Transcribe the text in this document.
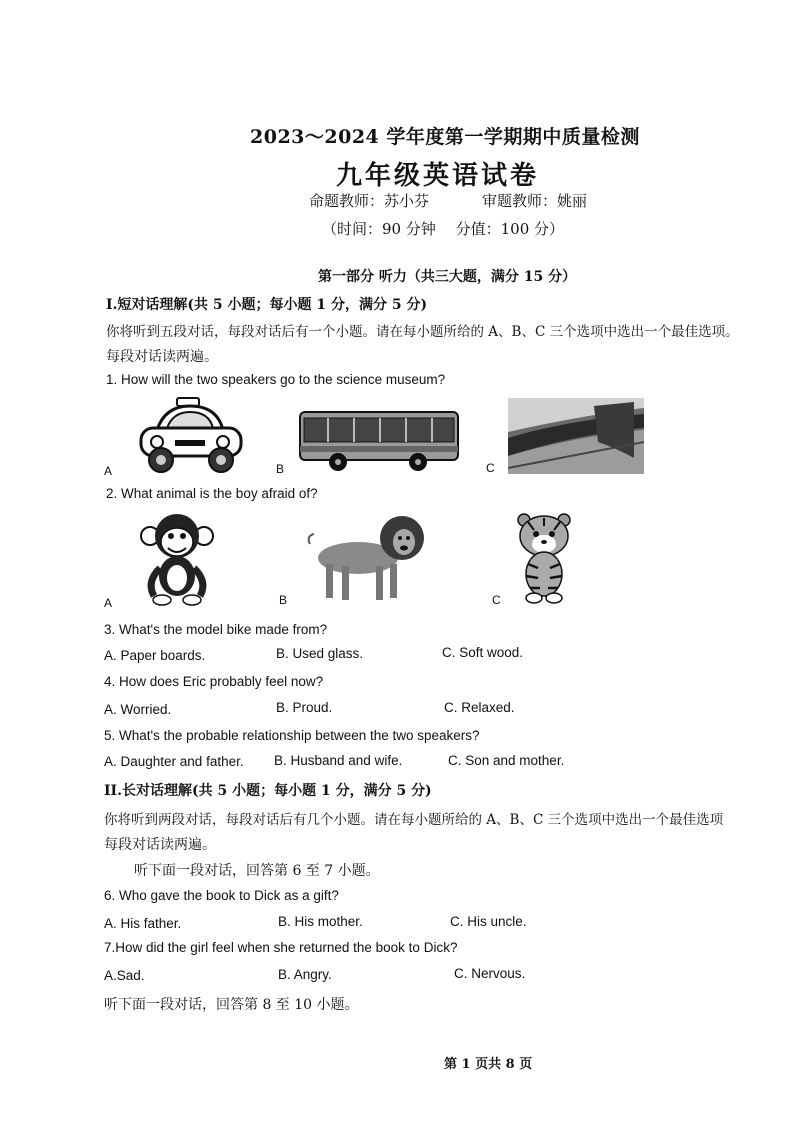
2023～2024 学年度第一学期期中质量检测
九年级英语试卷
命题教师：苏小芬	审题教师：姚丽
（时间：90 分钟　 分值：100 分）
第一部分 听力（共三大题，满分 15 分）
I.短对话理解(共 5 小题；每小题 1 分，满分 5 分)
你将听到五段对话，每段对话后有一个小题。请在每小题所给的 A、B、C 三个选项中选出一个最佳选项。
每段对话读两遍。
1. How will the two speakers go to the science museum?
A	B	C
2. What animal is the boy afraid of?
A	B	C
3. What's the model bike made from?
A. Paper boards.	B. Used glass.	C. Soft wood.
4. How does Eric probably feel now?
A. Worried.	B. Proud.	C. Relaxed.
5. What's the probable relationship between the two speakers?
A. Daughter and father. B. Husband and wife.	C. Son and mother.
II.长对话理解(共 5 小题；每小题 1 分，满分 5 分)
你将听到两段对话，每段对话后有几个小题。请在每小题所给的 A、B、C 三个选项中选出一个最佳选项
每段对话读两遍。
听下面一段对话，回答第 6 至 7 小题。
6. Who gave the book to Dick as a gift?
A. His father.	B. His mother.	C. His uncle.
7.How did the girl feel when she returned the book to Dick?
A.Sad.	B. Angry.	C. Nervous.
听下面一段对话，回答第 8 至 10 小题。
第 1 页共 8 页
